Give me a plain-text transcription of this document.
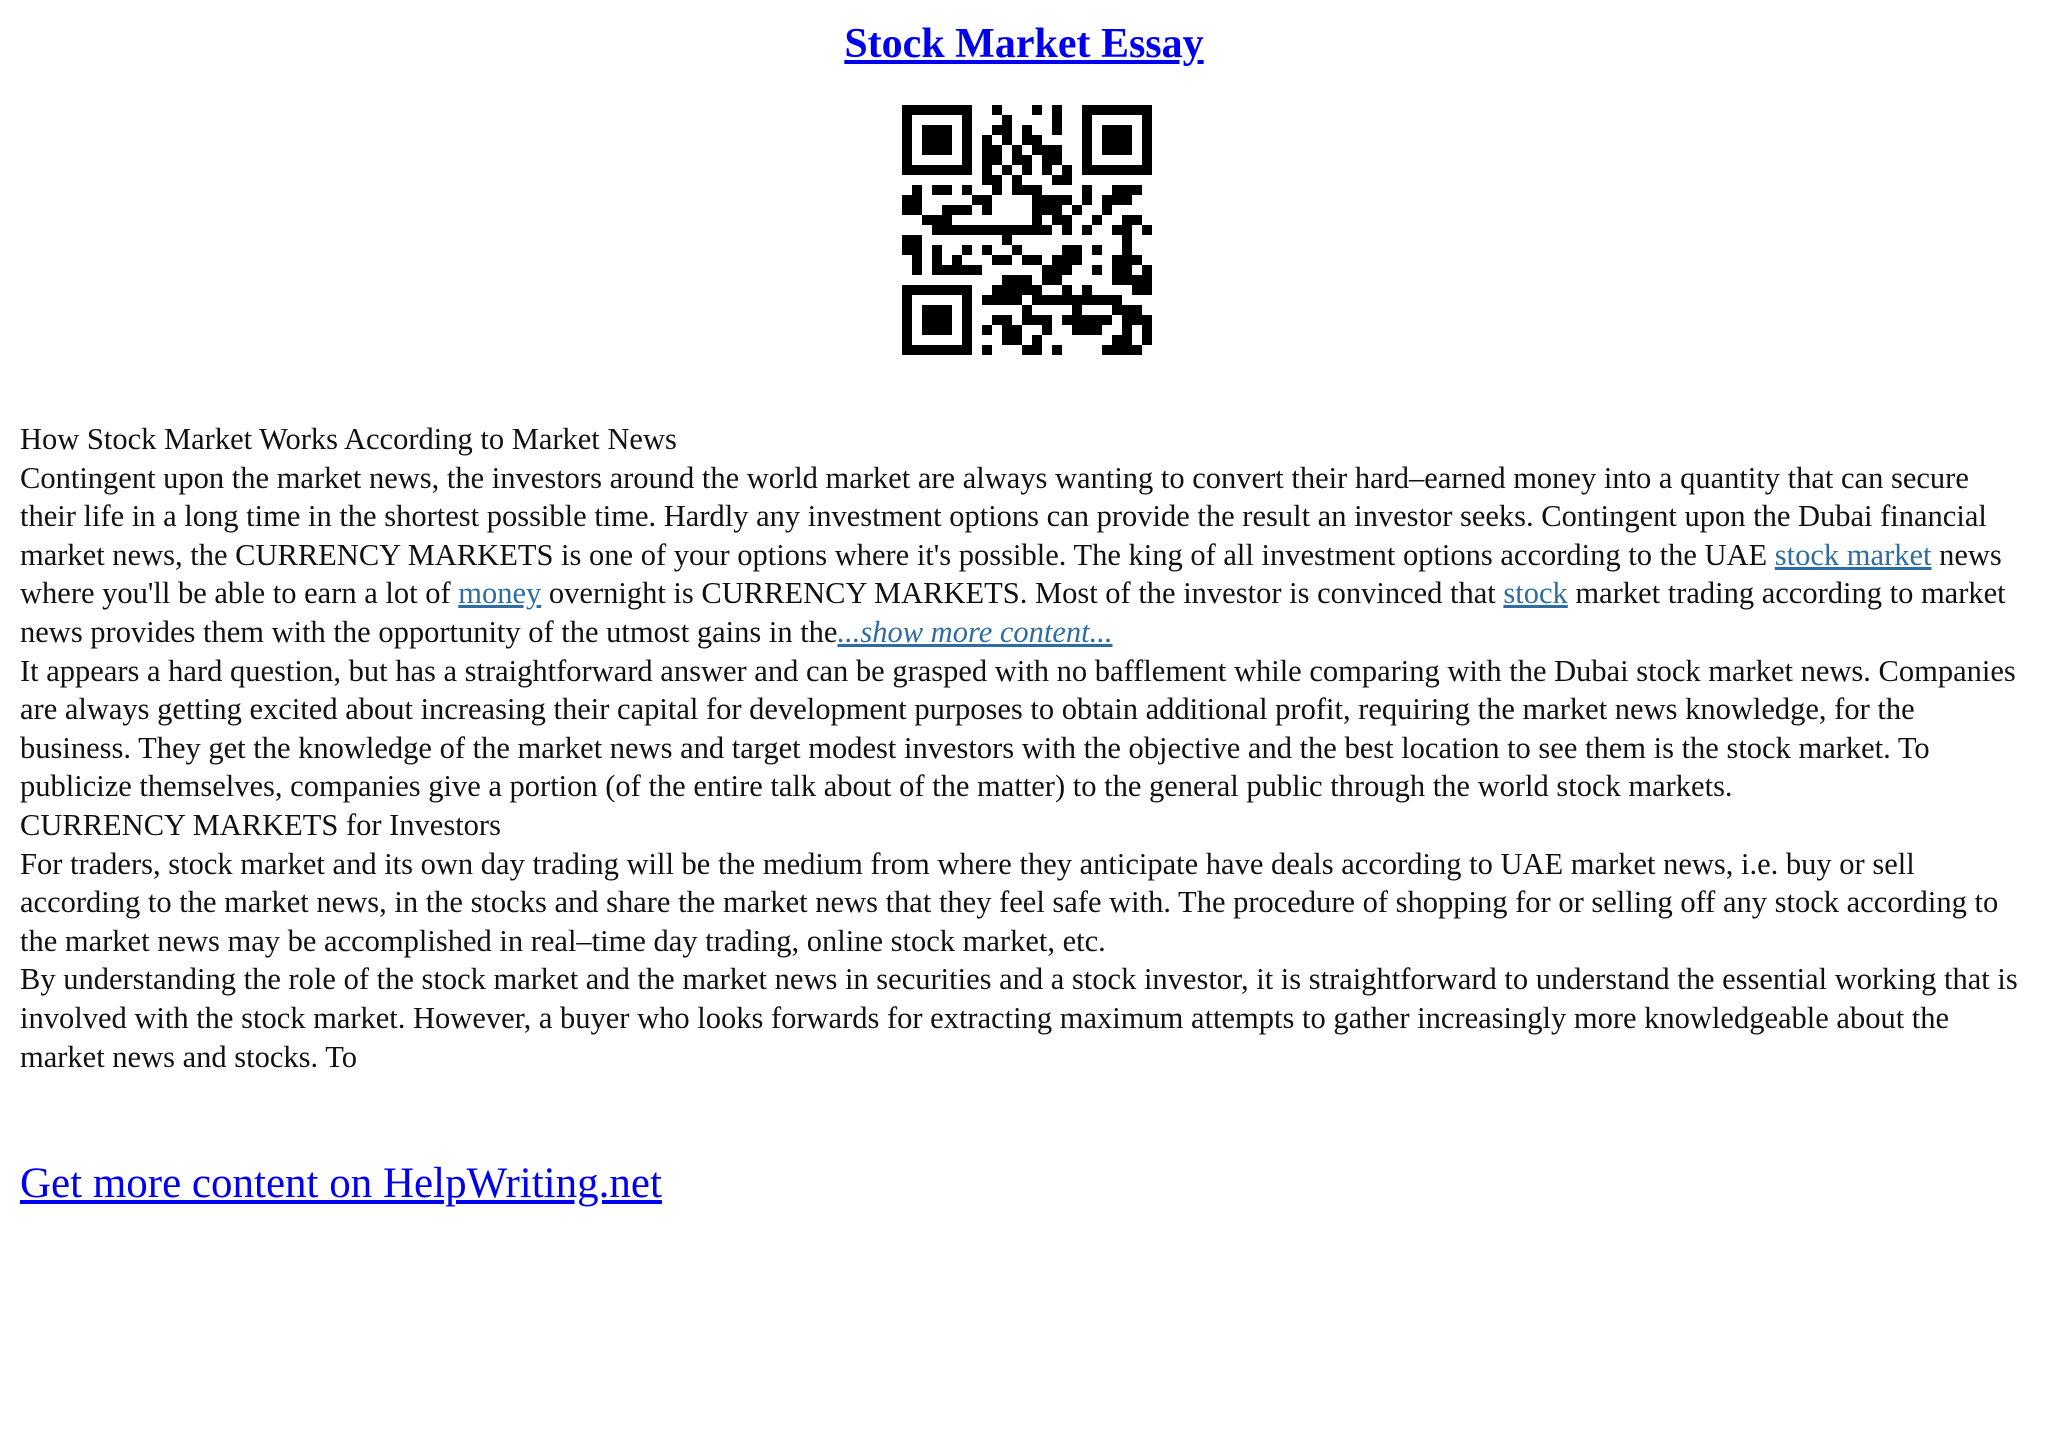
Stock Market Essay

How Stock Market Works According to Market News

Contingent upon the market news, the investors around the world market are always wanting to convert their hard–earned money into a quantity that can secure their life in a long time in the shortest possible time. Hardly any investment options can provide the result an investor seeks. Contingent upon the Dubai financial market news, the CURRENCY MARKETS is one of your options where it's possible. The king of all investment options according to the UAE stock market news where you'll be able to earn a lot of money overnight is CURRENCY MARKETS. Most of the investor is convinced that stock market trading according to market news provides them with the opportunity of the utmost gains in the...show more content...

It appears a hard question, but has a straightforward answer and can be grasped with no bafflement while comparing with the Dubai stock market news. Companies are always getting excited about increasing their capital for development purposes to obtain additional profit, requiring the market news knowledge, for the business. They get the knowledge of the market news and target modest investors with the objective and the best location to see them is the stock market. To publicize themselves, companies give a portion (of the entire talk about of the matter) to the general public through the world stock markets.

CURRENCY MARKETS for Investors

For traders, stock market and its own day trading will be the medium from where they anticipate have deals according to UAE market news, i.e. buy or sell according to the market news, in the stocks and share the market news that they feel safe with. The procedure of shopping for or selling off any stock according to the market news may be accomplished in real–time day trading, online stock market, etc.

By understanding the role of the stock market and the market news in securities and a stock investor, it is straightforward to understand the essential working that is involved with the stock market. However, a buyer who looks forwards for extracting maximum attempts to gather increasingly more knowledgeable about the market news and stocks. To

Get more content on HelpWriting.net
